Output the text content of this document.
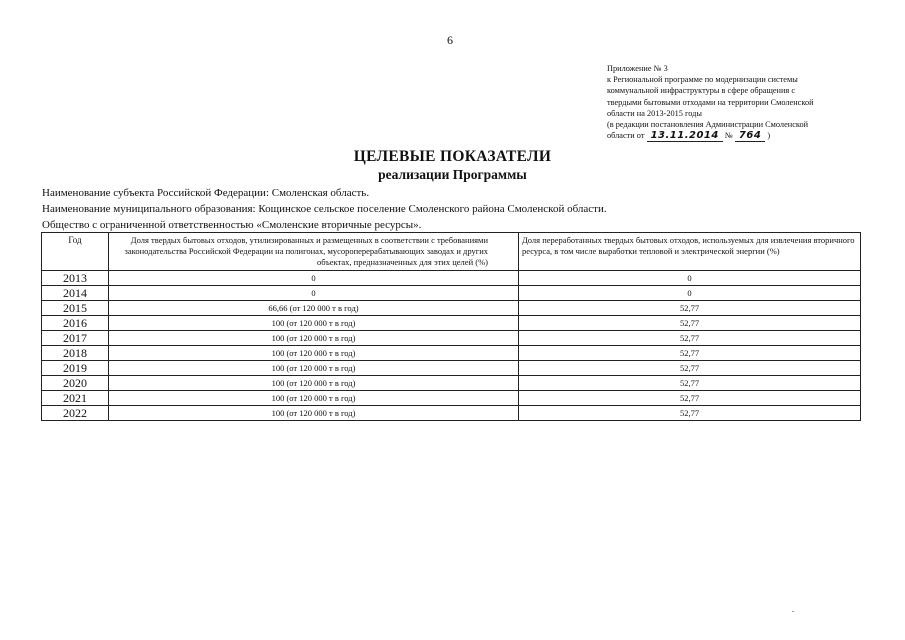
6
Приложение № 3
к Региональной программе по модернизации системы
коммунальной инфраструктуры в сфере обращения с
твердыми бытовыми отходами на территории Смоленской
области на 2013-2015 годы
(в редакции постановления Администрации Смоленской
области от 13.11.2014 № 764 )
ЦЕЛЕВЫЕ ПОКАЗАТЕЛИ
реализации Программы
Наименование субъекта Российской Федерации: Смоленская область.
Наименование муниципального образования: Кощинское сельское поселение Смоленского района Смоленской области.
Общество с ограниченной ответственностью «Смоленские вторичные ресурсы».
Год	Доля твердых бытовых отходов, утилизированных и размещенных в соответствии с требованиями законодательства Российской Федерации на полигонах, мусороперерабатывающих заводах и других объектах, предназначенных для этих целей (%)	Доля переработанных твердых бытовых отходов, используемых для извлечения вторичного ресурса, в том числе выработки тепловой и электрической энергии (%)
2013	0	0
2014	0	0
2015	66,66 (от 120 000 т в год)	52,77
2016	100 (от 120 000 т в год)	52,77
2017	100 (от 120 000 т в год)	52,77
2018	100 (от 120 000 т в год)	52,77
2019	100 (от 120 000 т в год)	52,77
2020	100 (от 120 000 т в год)	52,77
2021	100 (от 120 000 т в год)	52,77
2022	100 (от 120 000 т в год)	52,77
